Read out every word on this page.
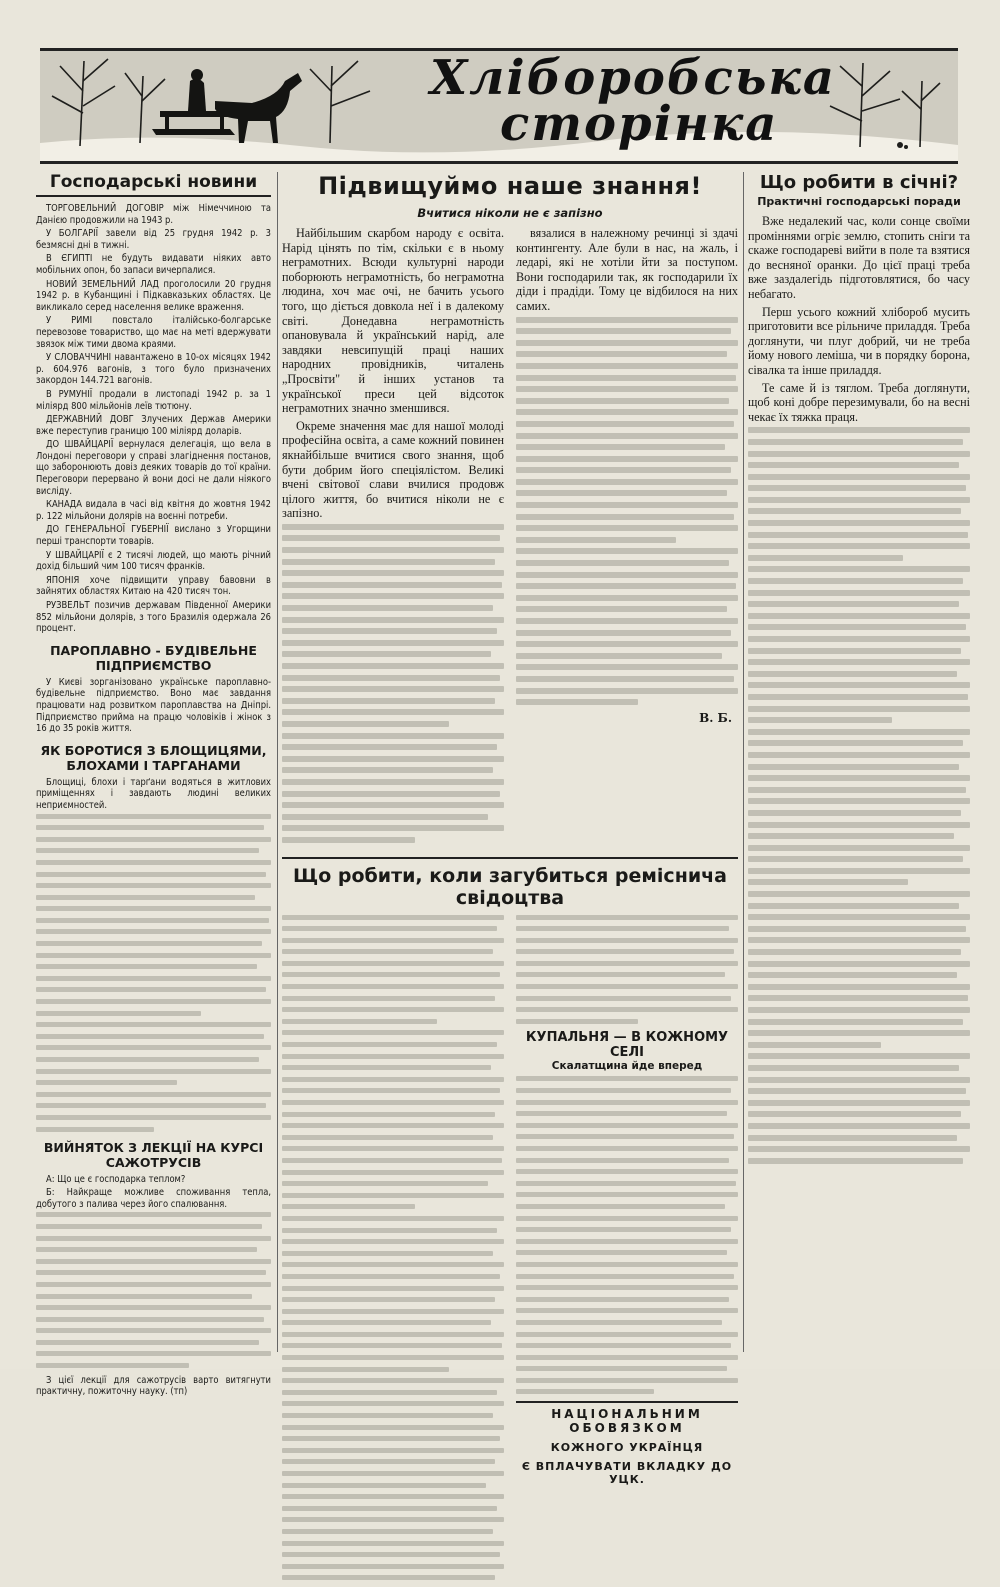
Хліборобська
сторінка
Господарські новини

ТОРГОВЕЛЬНИЙ ДОГОВІР між Німеччиною та Данією продовжили на 1943 р.

У БОЛГАРІЇ завели від 25 грудня 1942 р. 3 безмясні дні в тижні.

В ЄГИПТІ не будуть видавати ніяких авто мобільних опон, бо запаси вичерпалися.

НОВИЙ ЗЕМЕЛЬНИЙ ЛАД проголосили 20 грудня 1942 р. в Кубанщині і Підкавказьких областях. Це викликало серед населення велике враження.

У РИМІ повстало італійсько-болгарське перевозове товариство, що має на меті вдержувати звязок між тими двома краями.

У СЛОВАЧЧИНІ навантажено в 10-ох місяцях 1942 р. 604.976 вагонів, з того було призначених закордон 144.721 вагонів.

В РУМУНІЇ продали в листопаді 1942 р. за 1 міліярд 800 мільйонів леїв тютюну.

ДЕРЖАВНИЙ ДОВГ Злучених Держав Америки вже переступив границю 100 міліярд доларів.

ДО ШВАЙЦАРІЇ вернулася делегація, що вела в Лондоні переговори у справі злагіднення постанов, що заборонюють довіз деяких товарів до тої країни. Переговори перервано й вони досі не дали ніякого висліду.

КАНАДА видала в часі від квітня до жовтня 1942 р. 122 мільйони долярів на воєнні потреби.

ДО ГЕНЕРАЛЬНОЇ ГУБЕРНІЇ вислано з Угорщини перші транспорти товарів.

У ШВАЙЦАРІЇ є 2 тисячі людей, що мають річний дохід більший чим 100 тисяч франків.

ЯПОНІЯ хоче підвищити управу бавовни в зайнятих областях Китаю на 420 тисяч тон.

РУЗВЕЛЬТ позичив державам Південної Америки 852 мільйони долярів, з того Бразилія одержала 26 процент.

ПАРОПЛАВНО - БУДІВЕЛЬНЕ ПІДПРИЄМСТВО

У Києві зорганізовано українське пароплавно-будівельне підприємство. Воно має завдання працювати над розвитком пароплавства на Дніпрі. Підприємство прийма на працю чоловіків і жінок з 16 до 35 років життя.

ЯК БОРОТИСЯ З БЛОЩИЦЯМИ, БЛОХАМИ І ТАРГАНАМИ

Блощиці, блохи і тарґани водяться в житлових приміщеннях і завдають людині великих неприємностей.

ВИЙНЯТОК З ЛЕКЦІЇ НА КУРСІ САЖОТРУСІВ

А: Що це є господарка теплом?

Б: Найкраще можливе споживання тепла, добутого з палива через його спалювання.

З цієї лекції для сажотрусів варто витягнути практичну, пожиточну науку. (тп)

Підвищуймо наше знання!
Вчитися ніколи не є запізно

Найбільшим скарбом народу є освіта. Нарід цінять по тім, скільки є в ньому неграмотних. Всюди культурні народи поборюють неграмотність, бо неграмотна людина, хоч має очі, не бачить усього того, що діється довкола неї і в далекому світі. Донедавна неграмотність опановувала й український нарід, але завдяки невсипущій праці наших народних провідників, читалень „Просвіти" й інших установ та української преси цей відсоток неграмотних значно зменшився.

Окреме значення має для нашої молоді професійна освіта, а саме кожний повинен якнайбільше вчитися свого знання, щоб бути добрим його спеціялістом. Великі вчені світової слави вчилися продовж цілого життя, бо вчитися ніколи не є запізно.

вязалися в належному речинці зі здачі контингенту. Але були в нас, на жаль, і ледарі, які не хотіли йти за поступом. Вони господарили так, як господарили їх діди і прадіди. Тому це відбилося на них самих.

В. Б.
Що робити, коли загубиться реміснича свідоцтва
КУПАЛЬНЯ — В КОЖНОМУ СЕЛІ
Скалатщина йде вперед
НАЦІОНАЛЬНИМ ОБОВЯЗКОМ
КОЖНОГО УКРАЇНЦЯ
Є ВПЛАЧУВАТИ ВКЛАДКУ ДО УЦК.
Що робити в січні?
Практичні господарські поради

Вже недалекий час, коли сонце своїми проміннями огріє землю, стопить сніги та скаже господареві вийти в поле та взятися до весняної оранки. До цієї праці треба вже заздалегідь підготовлятися, бо часу небагато.

Перш усього кожний хлібороб мусить приготовити все рільниче приладдя. Треба доглянути, чи плуг добрий, чи не треба йому нового леміша, чи в порядку борона, сівалка та інше приладдя.

Те саме й із тяглом. Треба доглянути, щоб коні добре перезимували, бо на весні чекає їх тяжка праця.
